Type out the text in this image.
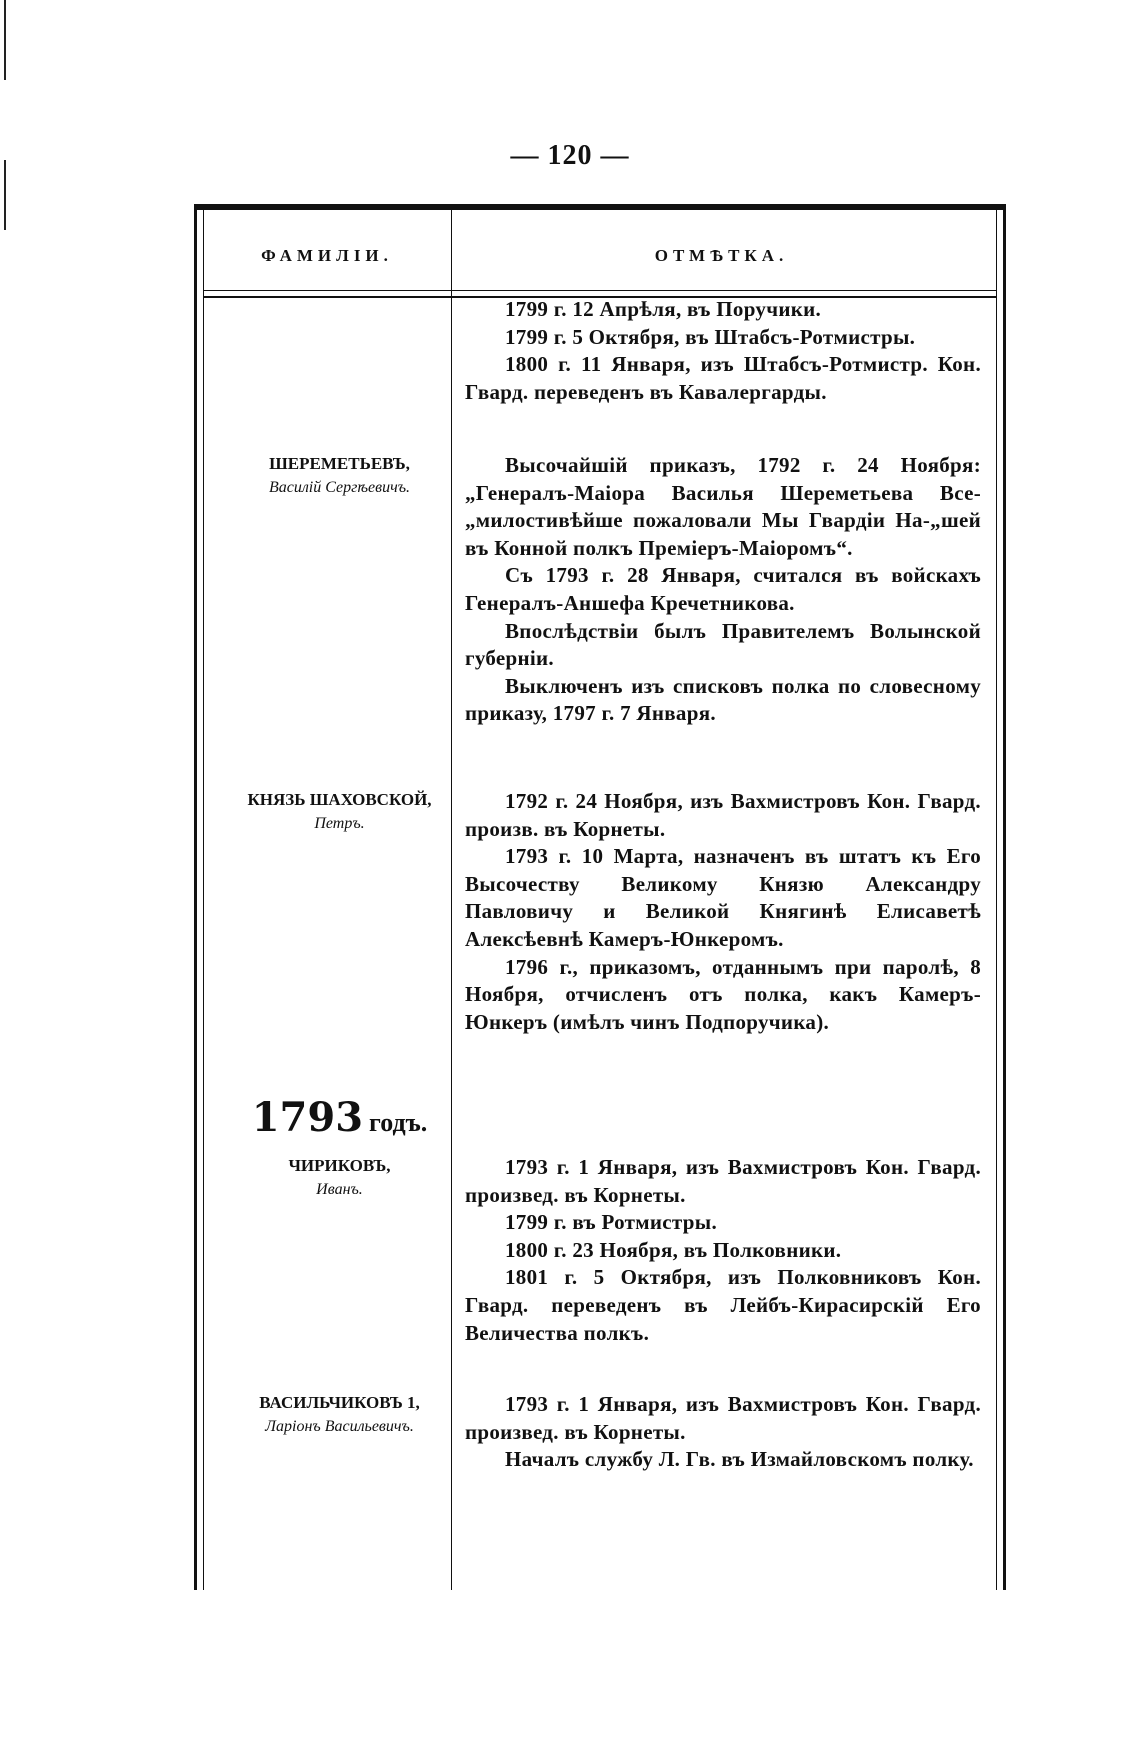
— 120 —
ФАМИЛІИ.	ОТМѢТКА.

1799 г. 12 Апрѣля, въ Поручики.

1799 г. 5 Октября, въ Штабсъ-Ротмистры.

1800 г. 11 Января, изъ Штабсъ-Ротмистр. Кон. Гвард. переведенъ въ Кавалергарды.

ШЕРЕМЕТЬЕВЪ,
Василій Сергѣевичъ.

Высочайшій приказъ, 1792 г. 24 Ноября: „Генералъ-Маіора Василья Шереметьева Все-„милостивѣйше пожаловали Мы Гвардіи На-„шей въ Конной полкъ Преміеръ-Маіоромъ“.

Съ 1793 г. 28 Января, считался въ войскахъ Генералъ-Аншефа Кречетникова.

Впослѣдствіи былъ Правителемъ Волынской губерніи.

Выключенъ изъ списковъ полка по словесному приказу, 1797 г. 7 Января.

КНЯЗЬ ШАХОВСКОЙ,
Петръ.

1792 г. 24 Ноября, изъ Вахмистровъ Кон. Гвард. произв. въ Корнеты.

1793 г. 10 Марта, назначенъ въ штатъ къ Его Высочеству Великому Князю Александру Павловичу и Великой Княгинѣ Елисаветѣ Алексѣевнѣ Камеръ-Юнкеромъ.

1796 г., приказомъ, отданнымъ при паролѣ, 8 Ноября, отчисленъ отъ полка, какъ Камеръ-Юнкеръ (имѣлъ чинъ Подпоручика).

1793 годъ.
ЧИРИКОВЪ,
Иванъ.

1793 г. 1 Января, изъ Вахмистровъ Кон. Гвард. произвед. въ Корнеты.

1799 г. въ Ротмистры.

1800 г. 23 Ноября, въ Полковники.

1801 г. 5 Октября, изъ Полковниковъ Кон. Гвард. переведенъ въ Лейбъ-Кирасирскій Его Величества полкъ.

ВАСИЛЬЧИКОВЪ 1,
Ларіонъ Васильевичъ.

1793 г. 1 Января, изъ Вахмистровъ Кон. Гвард. произвед. въ Корнеты.

Началъ службу Л. Гв. въ Измайловскомъ полку.
